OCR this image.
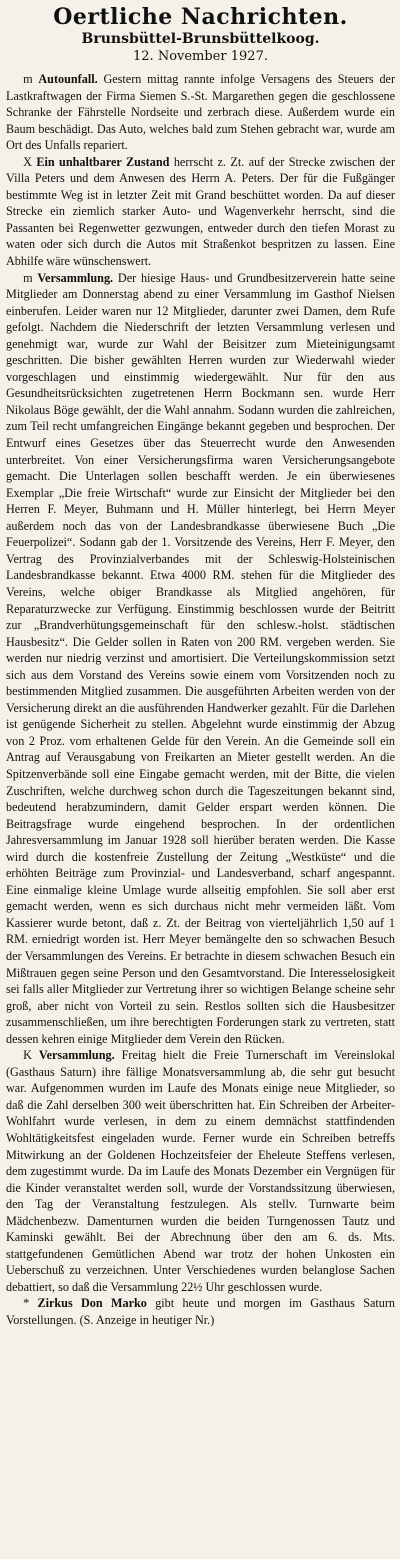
Oertliche Nachrichten.
Brunsbüttel-Brunsbüttelkoog.
12. November 1927.

m Autounfall. Gestern mittag rannte infolge Versagens des Steuers der Lastkraftwagen der Firma Siemen S.-St. Margarethen gegen die geschlossene Schranke der Fährstelle Nordseite und zerbrach diese. Außerdem wurde ein Baum beschädigt. Das Auto, welches bald zum Stehen gebracht war, wurde am Ort des Unfalls repariert.

X Ein unhaltbarer Zustand herrscht z. Zt. auf der Strecke zwischen der Villa Peters und dem Anwesen des Herrn A. Peters. Der für die Fußgänger bestimmte Weg ist in letzter Zeit mit Grand beschüttet worden. Da auf dieser Strecke ein ziemlich starker Auto- und Wagenverkehr herrscht, sind die Passanten bei Regenwetter gezwungen, entweder durch den tiefen Morast zu waten oder sich durch die Autos mit Straßenkot bespritzen zu lassen. Eine Abhilfe wäre wünschenswert.

m Versammlung. Der hiesige Haus- und Grundbesitzerverein hatte seine Mitglieder am Donnerstag abend zu einer Versammlung im Gasthof Nielsen einberufen. Leider waren nur 12 Mitglieder, darunter zwei Damen, dem Rufe gefolgt. Nachdem die Niederschrift der letzten Versammlung verlesen und genehmigt war, wurde zur Wahl der Beisitzer zum Mieteinigungsamt geschritten. Die bisher gewählten Herren wurden zur Wiederwahl wieder vorgeschlagen und einstimmig wiedergewählt. Nur für den aus Gesundheitsrücksichten zugetretenen Herrn Bockmann sen. wurde Herr Nikolaus Böge gewählt, der die Wahl annahm. Sodann wurden die zahlreichen, zum Teil recht umfangreichen Eingänge bekannt gegeben und besprochen. Der Entwurf eines Gesetzes über das Steuerrecht wurde den Anwesenden unterbreitet. Von einer Versicherungsfirma waren Versicherungsangebote gemacht. Die Unterlagen sollen beschafft werden. Je ein überwiesenes Exemplar „Die freie Wirtschaft“ wurde zur Einsicht der Mitglieder bei den Herren F. Meyer, Buhmann und H. Müller hinterlegt, bei Herrn Meyer außerdem noch das von der Landesbrandkasse überwiesene Buch „Die Feuerpolizei“. Sodann gab der 1. Vorsitzende des Vereins, Herr F. Meyer, den Vertrag des Provinzialverbandes mit der Schleswig-Holsteinischen Landesbrandkasse bekannt. Etwa 4000 RM. stehen für die Mitglieder des Vereins, welche obiger Brandkasse als Mitglied angehören, für Reparaturzwecke zur Verfügung. Einstimmig beschlossen wurde der Beitritt zur „Brandverhütungsgemeinschaft für den schlesw.-holst. städtischen Hausbesitz“. Die Gelder sollen in Raten von 200 RM. vergeben werden. Sie werden nur niedrig verzinst und amortisiert. Die Verteilungskommission setzt sich aus dem Vorstand des Vereins sowie einem vom Vorsitzenden noch zu bestimmenden Mitglied zusammen. Die ausgeführten Arbeiten werden von der Versicherung direkt an die ausführenden Handwerker gezahlt. Für die Darlehen ist genügende Sicherheit zu stellen. Abgelehnt wurde einstimmig der Abzug von 2 Proz. vom erhaltenen Gelde für den Verein. An die Gemeinde soll ein Antrag auf Verausgabung von Freikarten an Mieter gestellt werden. An die Spitzenverbände soll eine Eingabe gemacht werden, mit der Bitte, die vielen Zuschriften, welche durchweg schon durch die Tageszeitungen bekannt sind, bedeutend herabzumindern, damit Gelder erspart werden können. Die Beitragsfrage wurde eingehend besprochen. In der ordentlichen Jahresversammlung im Januar 1928 soll hierüber beraten werden. Die Kasse wird durch die kostenfreie Zustellung der Zeitung „Westküste“ und die erhöhten Beiträge zum Provinzial- und Landesverband, scharf angespannt. Eine einmalige kleine Umlage wurde allseitig empfohlen. Sie soll aber erst gemacht werden, wenn es sich durchaus nicht mehr vermeiden läßt. Vom Kassierer wurde betont, daß z. Zt. der Beitrag von vierteljährlich 1,50 auf 1 RM. erniedrigt worden ist. Herr Meyer bemängelte den so schwachen Besuch der Versammlungen des Vereins. Er betrachte in diesem schwachen Besuch ein Mißtrauen gegen seine Person und den Gesamtvorstand. Die Interesselosigkeit sei falls aller Mitglieder zur Vertretung ihrer so wichtigen Belange scheine sehr groß, aber nicht von Vorteil zu sein. Restlos sollten sich die Hausbesitzer zusammenschließen, um ihre berechtigten Forderungen stark zu vertreten, statt dessen kehren einige Mitglieder dem Verein den Rücken.

K Versammlung. Freitag hielt die Freie Turnerschaft im Vereinslokal (Gasthaus Saturn) ihre fällige Monatsversammlung ab, die sehr gut besucht war. Aufgenommen wurden im Laufe des Monats einige neue Mitglieder, so daß die Zahl derselben 300 weit überschritten hat. Ein Schreiben der Arbeiter-Wohlfahrt wurde verlesen, in dem zu einem demnächst stattfindenden Wohltätigkeitsfest eingeladen wurde. Ferner wurde ein Schreiben betreffs Mitwirkung an der Goldenen Hochzeitsfeier der Eheleute Steffens verlesen, dem zugestimmt wurde. Da im Laufe des Monats Dezember ein Vergnügen für die Kinder veranstaltet werden soll, wurde der Vorstandssitzung überwiesen, den Tag der Veranstaltung festzulegen. Als stellv. Turnwarte beim Mädchenbezw. Damenturnen wurden die beiden Turngenossen Tautz und Kaminski gewählt. Bei der Abrechnung über den am 6. ds. Mts. stattgefundenen Gemütlichen Abend war trotz der hohen Unkosten ein Ueberschuß zu verzeichnen. Unter Verschiedenes wurden belanglose Sachen debattiert, so daß die Versammlung 22½ Uhr geschlossen wurde.

* Zirkus Don Marko gibt heute und morgen im Gasthaus Saturn Vorstellungen. (S. Anzeige in heutiger Nr.)
